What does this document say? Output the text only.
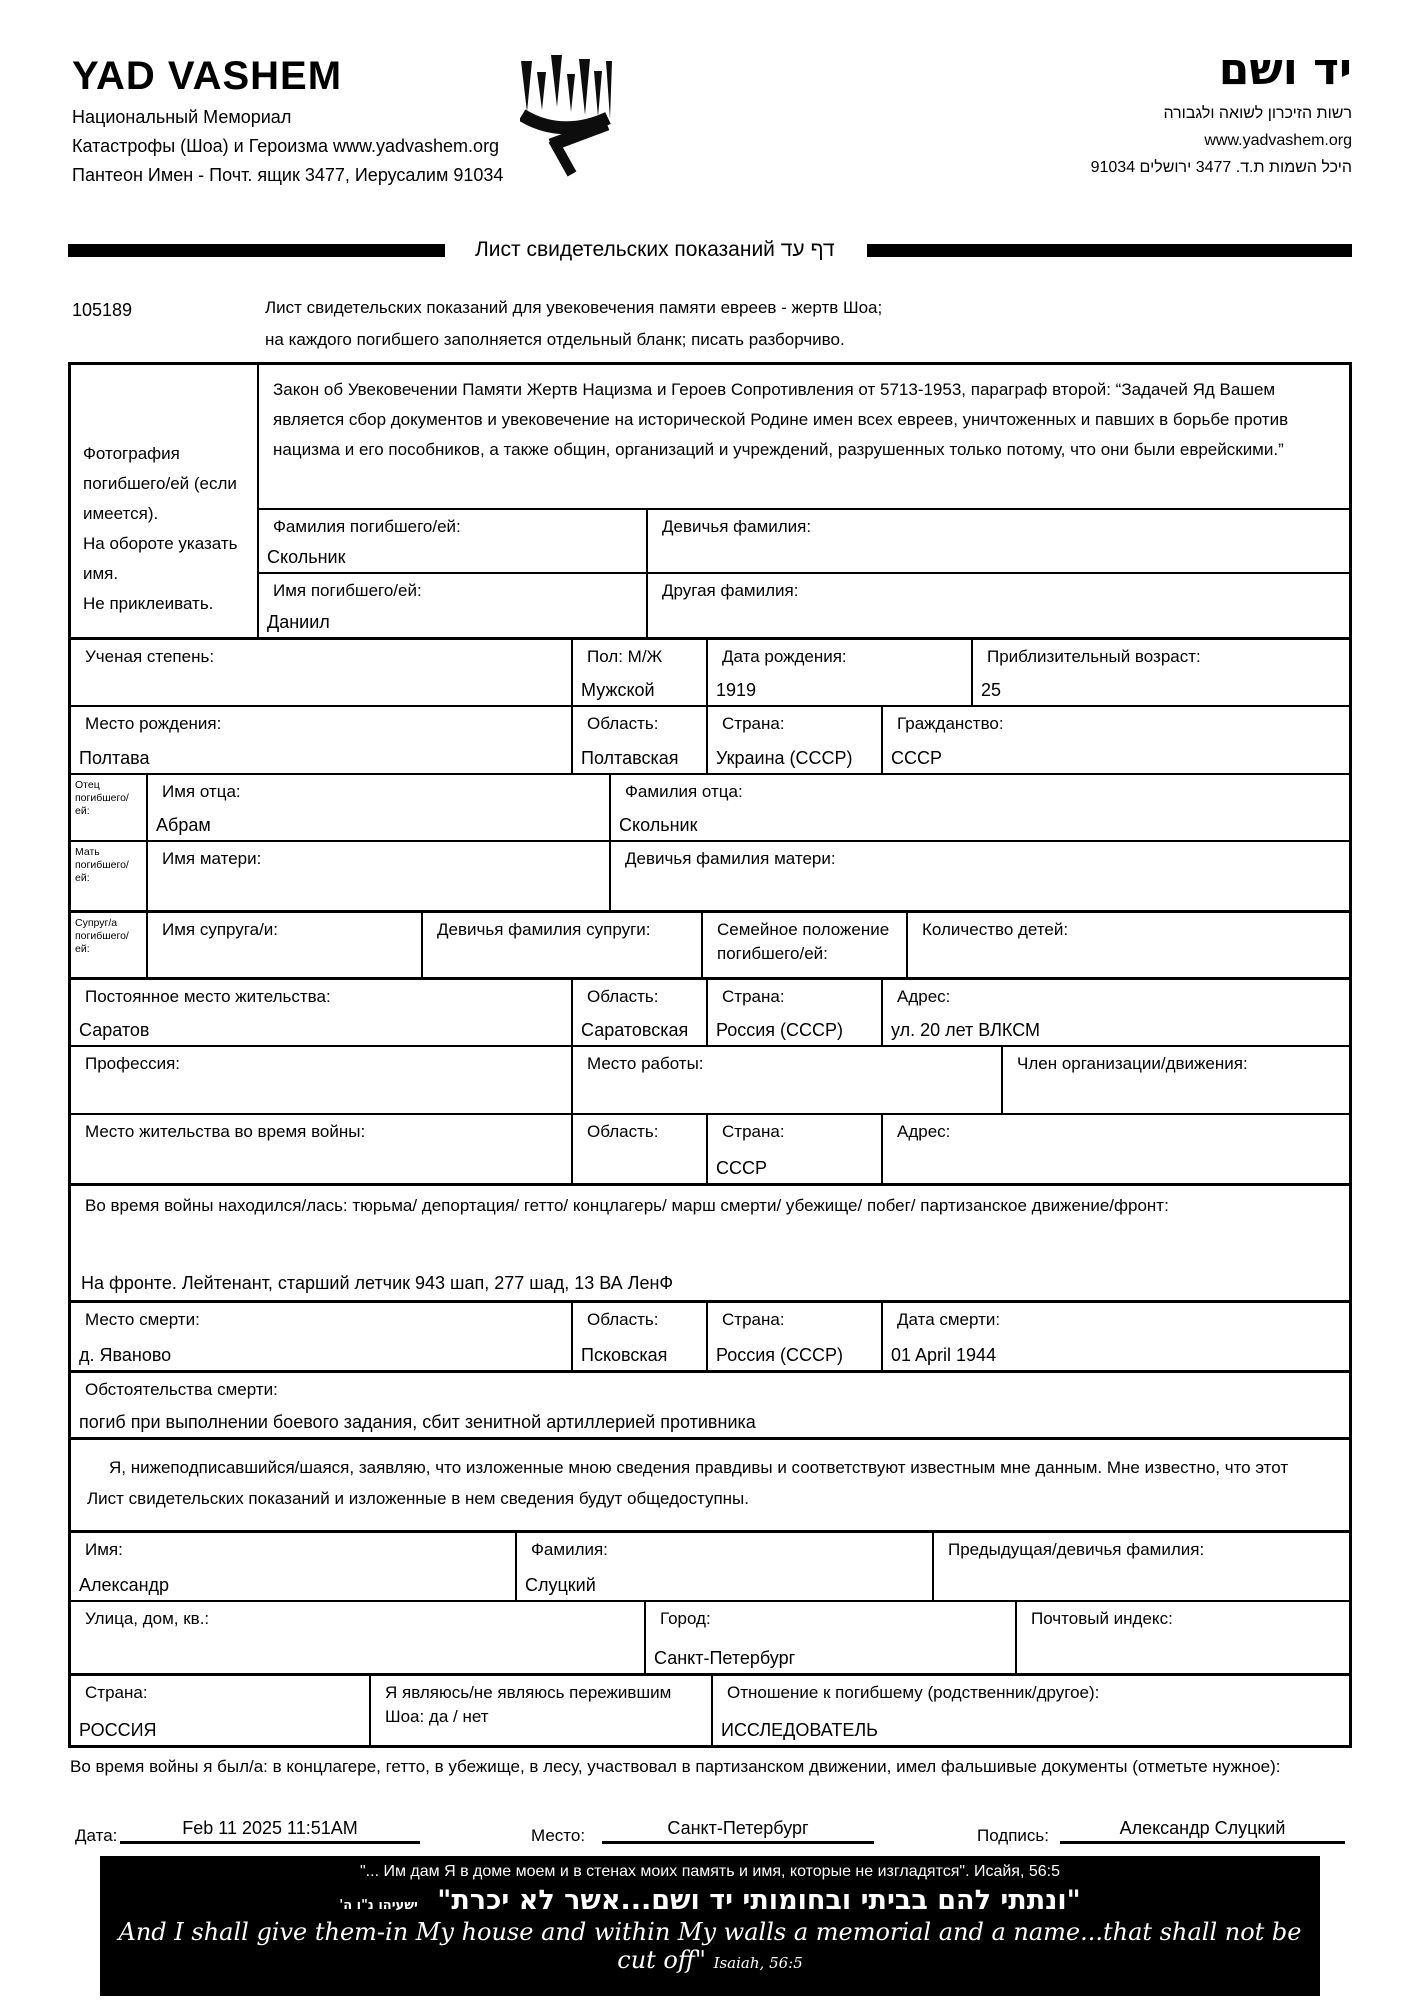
YAD VASHEM
Национальный Мемориал
Катастрофы (Шоа) и Героизма www.yadvashem.org
Пантеон Имен - Почт. ящик 3477, Иерусалим 91034
יד ושם
רשות הזיכרון לשואה ולגבורה
www.yadvashem.org
היכל השמות ת.ד. 3477 ירושלים 91034
Лист свидетельских показаний דף עד
105189	Лист свидетельских показаний для увековечения памяти евреев - жертв Шоа;
на каждого погибшего заполняется отдельный бланк; писать разборчиво.
Фотография погибшего/ей (если имеется).
На обороте указать имя.
Не приклеивать.
Закон об Увековечении Памяти Жертв Нацизма и Героев Сопротивления от 5713-1953, параграф второй: “Задачей Яд Вашем является сбор документов и увековечение на исторической Родине имен всех евреев, уничтоженных и павших в борьбе против нацизма и его пособников, а также общин, организаций и учреждений, разрушенных только потому, что они были еврейскими.”
Фамилия погибшего/ей:
Скольник
Девичья фамилия:
Имя погибшего/ей:
Даниил
Другая фамилия:
Ученая степень:	Пол: М/Ж
Мужской
Дата рождения:
1919
Приблизительный возраст:
25
Место рождения:
Полтава
Область:
Полтавская
Страна:
Украина (СССР)
Гражданство:
СССР
Отец погибшего/ей:
Имя отца:
Абрам
Фамилия отца:
Скольник
Мать погибшего/ей:
Имя матери:	Девичья фамилия матери:
Супруг/а погибшего/ей:
Имя супруга/и:	Девичья фамилия супруги:	Семейное положение погибшего/ей:
Количество детей:
Постоянное место жительства:
Саратов
Область:
Саратовская
Страна:
Россия (СССР)
Адрес:
ул. 20 лет ВЛКСМ
Профессия:	Место работы:	Член организации/движения:
Место жительства во время войны:	Область:	Страна:
СССР
Адрес:
Во время войны находился/лась: тюрьма/ депортация/ гетто/ концлагерь/ марш смерти/ убежище/ побег/ партизанское движение/фронт:
На фронте. Лейтенант, старший летчик 943 шап, 277 шад, 13 ВА ЛенФ
Место смерти:
д. Яваново
Область:
Псковская
Страна:
Россия (СССР)
Дата смерти:
01 April 1944
Обстоятельства смерти:
погиб при выполнении боевого задания, сбит зенитной артиллерией противника
Я, нижеподписавшийся/шаяся, заявляю, что изложенные мною сведения правдивы и соответствуют известным мне данным. Мне известно, что этот Лист свидетельских показаний и изложенные в нем сведения будут общедоступны.
Имя:
Александр
Фамилия:
Слуцкий
Предыдущая/девичья фамилия:
Улица, дом, кв.:	Город:
Санкт-Петербург
Почтовый индекс:
Страна:
РОССИЯ
Я являюсь/не являюсь пережившим Шоа: да / нет
Отношение к погибшему (родственник/другое):
ИССЛЕДОВАТЕЛЬ
Во время войны я был/а: в концлагере, гетто, в убежище, в лесу, участвовал в партизанском движении, имел фальшивые документы (отметьте нужное):
Дата:	Feb 11 2025 11:51AM	Место:	Санкт-Петербург	Подпись:	Александр Слуцкий
"... Им дам Я в доме моем и в стенах моих память и имя, которые не изгладятся". Исайя, 56:5
"ונתתי להם בביתי ובחומותי יד ושם...אשר לא יכרת" ישעיהו נ"ו ה'
And I shall give them-in My house and within My walls a memorial and a name...that shall not be cut off" Isaiah, 56:5
